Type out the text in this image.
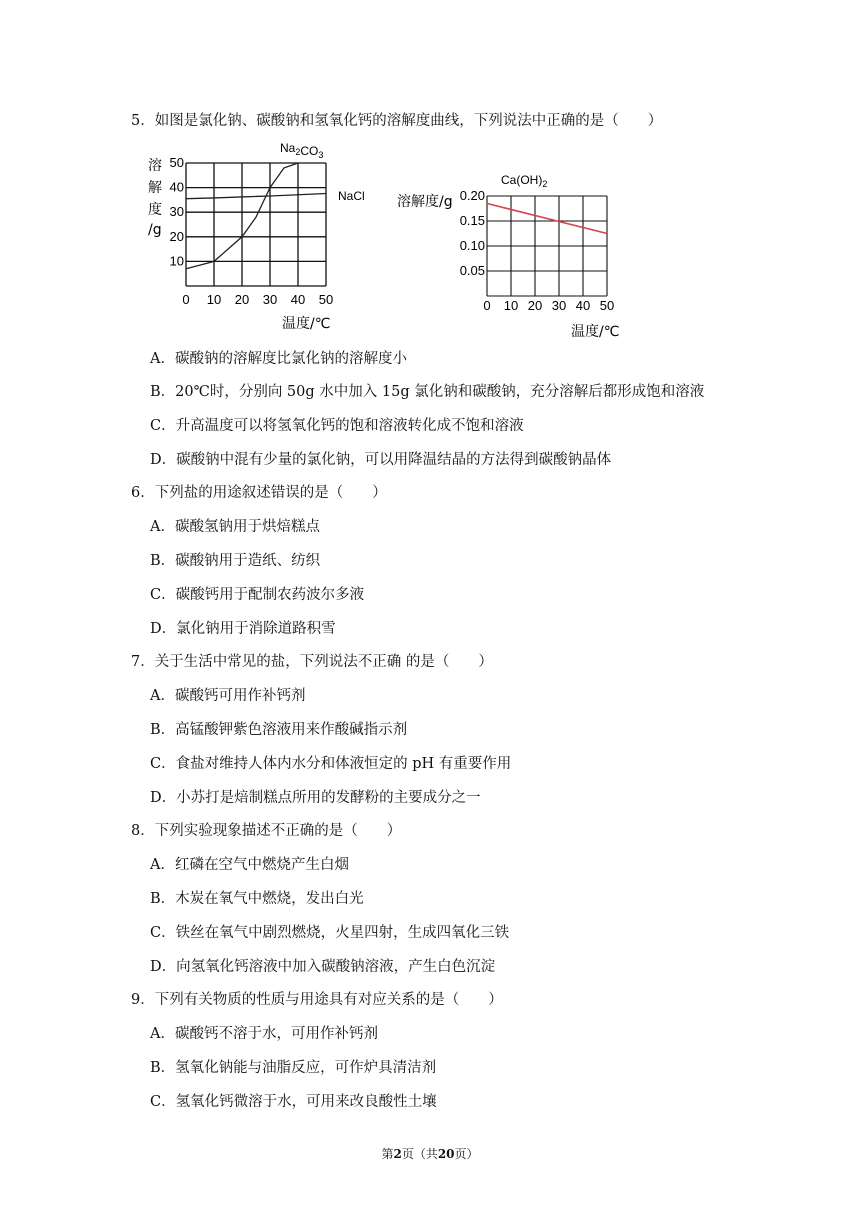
5．如图是氯化钠、碳酸钠和氢氧化钙的溶解度曲线，下列说法中正确的是（　　）
0 10 20 30 40 50
10
20
30
40
50
溶
解
度
/g
温度/℃
$Na_2CO_3$
NaCl
0 10 20 30 40 50
0.05
0.10
0.15
0.20
溶解度/g
温度/℃
$Ca(OH)_2$
A．碳酸钠的溶解度比氯化钠的溶解度小
B．20℃时，分别向 50g 水中加入 15g 氯化钠和碳酸钠，充分溶解后都形成饱和溶液
C．升高温度可以将氢氧化钙的饱和溶液转化成不饱和溶液
D．碳酸钠中混有少量的氯化钠，可以用降温结晶的方法得到碳酸钠晶体
6．下列盐的用途叙述错误的是（　　）
A．碳酸氢钠用于烘焙糕点
B．碳酸钠用于造纸、纺织
C．碳酸钙用于配制农药波尔多液
D．氯化钠用于消除道路积雪
7．关于生活中常见的盐，下列说法不正确 的是（　　）
A．碳酸钙可用作补钙剂
B．高锰酸钾紫色溶液用来作酸碱指示剂
C．食盐对维持人体内水分和体液恒定的 pH 有重要作用
D．小苏打是焙制糕点所用的发酵粉的主要成分之一
8．下列实验现象描述不正确的是（　　）
A．红磷在空气中燃烧产生白烟
B．木炭在氧气中燃烧，发出白光
C．铁丝在氧气中剧烈燃烧，火星四射，生成四氧化三铁
D．向氢氧化钙溶液中加入碳酸钠溶液，产生白色沉淀
9．下列有关物质的性质与用途具有对应关系的是（　　）
A．碳酸钙不溶于水，可用作补钙剂
B．氢氧化钠能与油脂反应，可作炉具清洁剂
C．氢氧化钙微溶于水，可用来改良酸性土壤
第2页（共20页）
